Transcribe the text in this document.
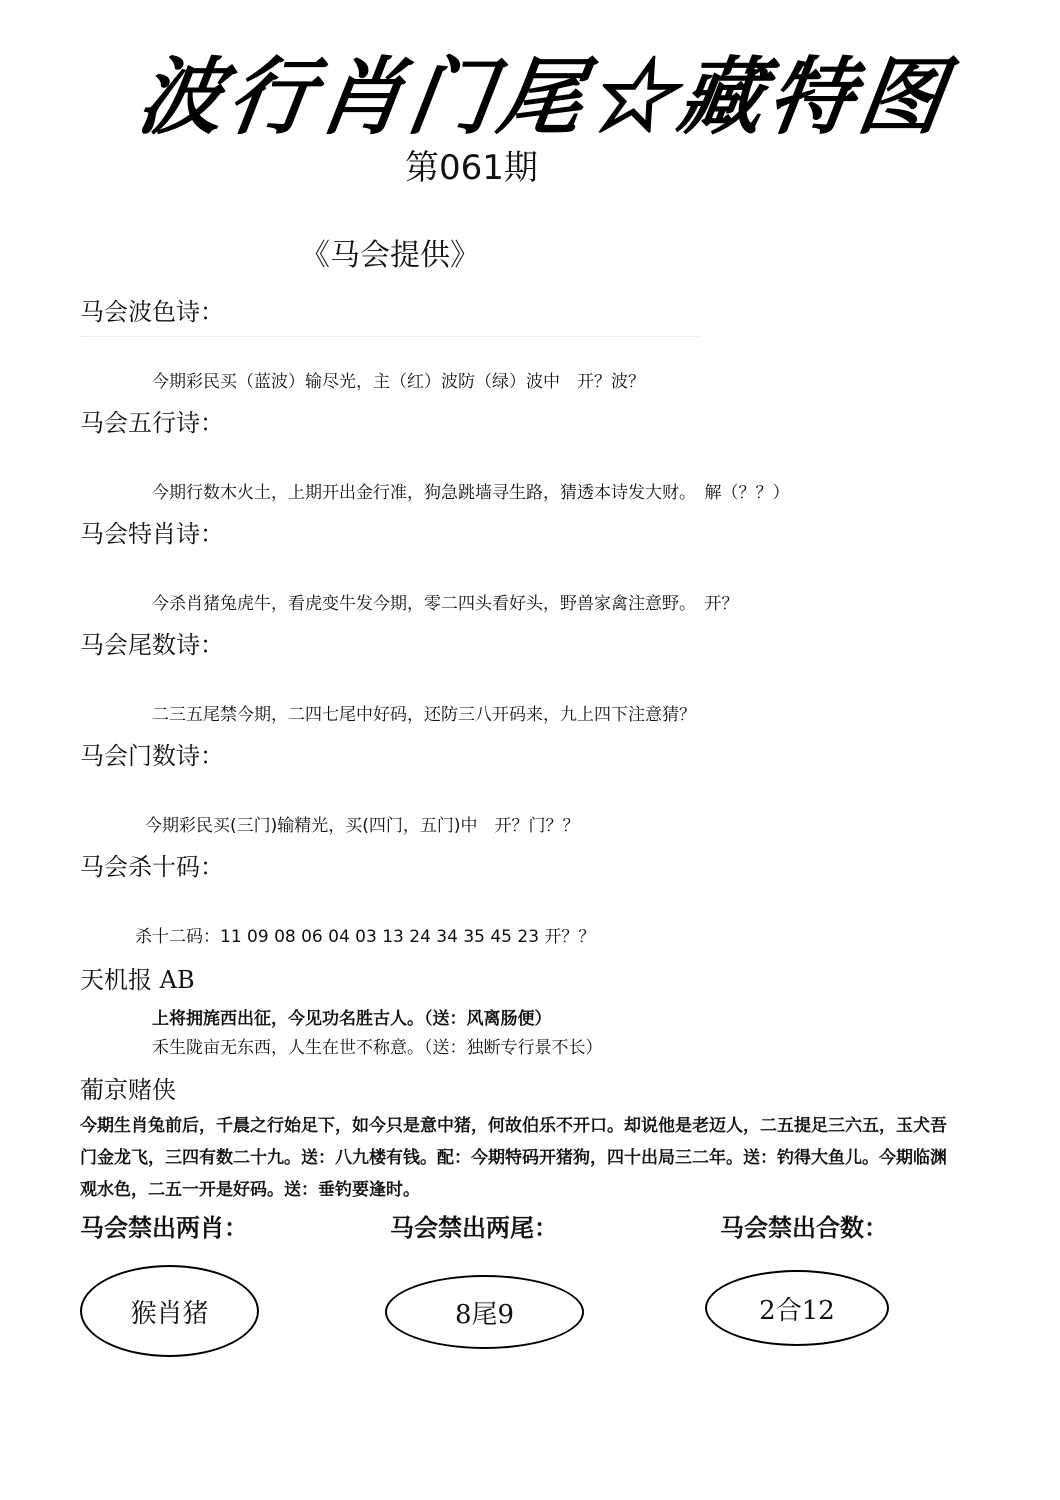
波行肖门尾☆藏特图
第061期
《马会提供》
马会波色诗：
今期彩民买（蓝波）输尽光，主（红）波防（绿）波中　开？波？
马会五行诗：
今期行数木火土，上期开出金行准，狗急跳墙寻生路，猜透本诗发大财。　解（？？）
马会特肖诗：
今杀肖猪兔虎牛，看虎变牛发今期，零二四头看好头，野兽家禽注意野。　开？
马会尾数诗：
二三五尾禁今期，二四七尾中好码，还防三八开码来，九上四下注意猜？
马会门数诗：
今期彩民买(三门)输精光，买(四门，五门)中　开？门？？
马会杀十码：
杀十二码：11 09 08 06 04 03 13 24 34 35 45 23 开？？
天机报 AB
上将拥旄西出征，今见功名胜古人。（送：风离肠便）
禾生陇亩无东西，人生在世不称意。（送：独断专行景不长）
葡京赌侠
今期生肖兔前后，千晨之行始足下，如今只是意中猪，何故伯乐不开口。却说他是老迈人，二五提足三六五，玉犬吾门金龙飞，三四有数二十九。送：八九楼有钱。配：今期特码开猪狗，四十出局三二年。送：钓得大鱼儿。今期临渊观水色，二五一开是好码。送：垂钓要逢时。
马会禁出两肖：	马会禁出两尾：	马会禁出合数：
猴肖猪	8尾9	2合12
